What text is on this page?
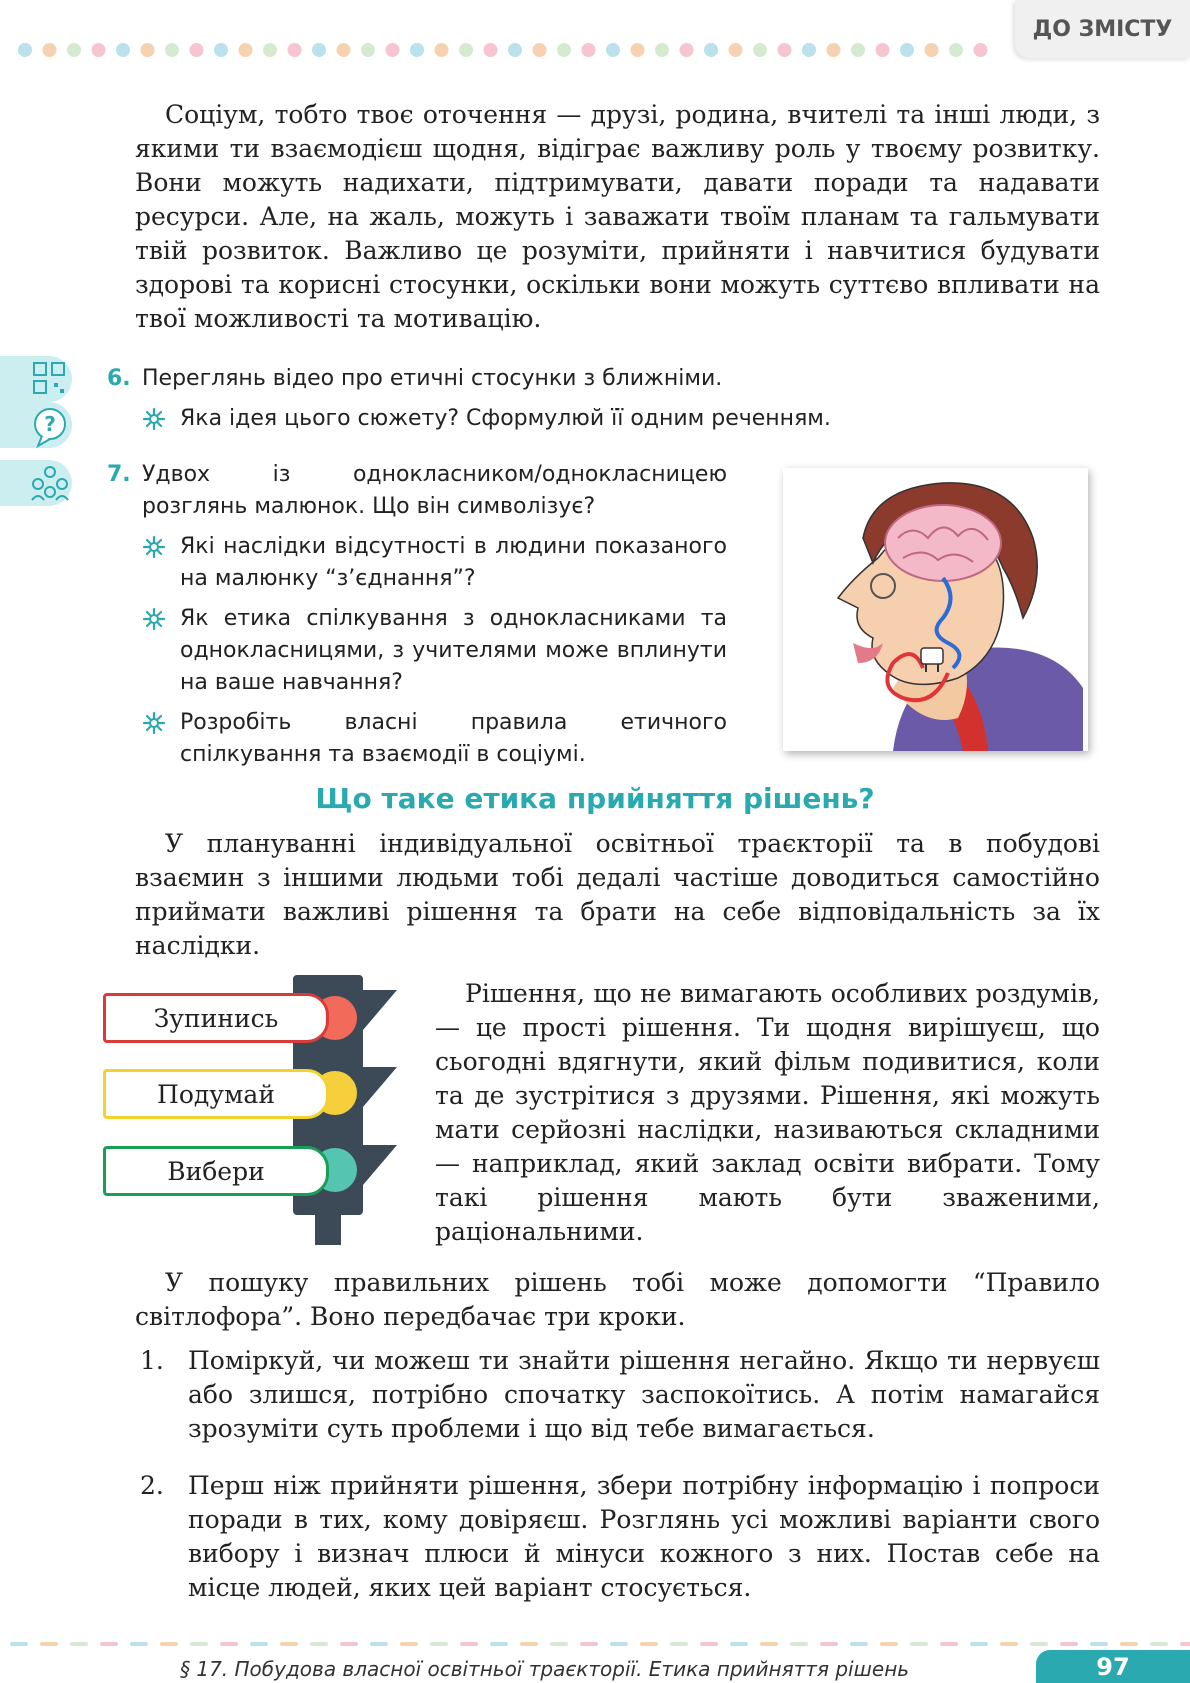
ДО ЗМІСТУ

Соціум, тобто твоє оточення — друзі, родина, вчителі та інші люди, з якими ти взаємодієш щодня, відіграє важливу роль у твоєму розвитку. Вони можуть надихати, підтримувати, давати поради та надавати ресурси. Але, на жаль, можуть і заважати твоїм планам та гальмувати твій розвиток. Важливо це розуміти, прийняти і навчитися будувати здорові та корисні стосунки, оскільки вони можуть суттєво впливати на твої можливості та мотивацію.

?
6. Переглянь відео про етичні стосунки з ближніми.
Яка ідея цього сюжету? Сформулюй її одним реченням.
7. Удвох із однокласником/однокласницею розглянь малюнок. Що він символізує?
Які наслідки відсутності в людини показаного на малюнку “з’єднання”?
Як етика спілкування з однокласниками та однокласницями, з учителями може вплинути на ваше навчання?
Розробіть власні правила етичного спілкування та взаємодії в соціумі.
Що таке етика прийняття рішень?

У плануванні індивідуальної освітньої траєкторії та в побудові взаємин з іншими людьми тобі дедалі частіше доводиться самостійно приймати важливі рішення та брати на себе відповідальність за їх наслідки.

Зупинись
Подумай
Вибери

Рішення, що не вимагають особливих роздумів, — це прості рішення. Ти щодня вирішуєш, що сьогодні вдягнути, який фільм подивитися, коли та де зустрітися з друзями. Рішення, які можуть мати серйозні наслідки, називаються складними — наприклад, який заклад освіти вибрати. Тому такі рішення мають бути зваженими, раціональними.

У пошуку правильних рішень тобі може допомогти “Правило світлофора”. Воно передбачає три кроки.

1. Поміркуй, чи можеш ти знайти рішення негайно. Якщо ти нервуєш або злишся, потрібно спочатку заспокоїтись. А потім намагайся зрозуміти суть проблеми і що від тебе вимагається.

2. Перш ніж прийняти рішення, збери потрібну інформацію і попроси поради в тих, кому довіряєш. Розглянь усі можливі варіанти свого вибору і визнач плюси й мінуси кожного з них. Постав себе на місце людей, яких цей варіант стосується.

§ 17. Побудова власної освітньої траєкторії. Етика прийняття рішень	97
